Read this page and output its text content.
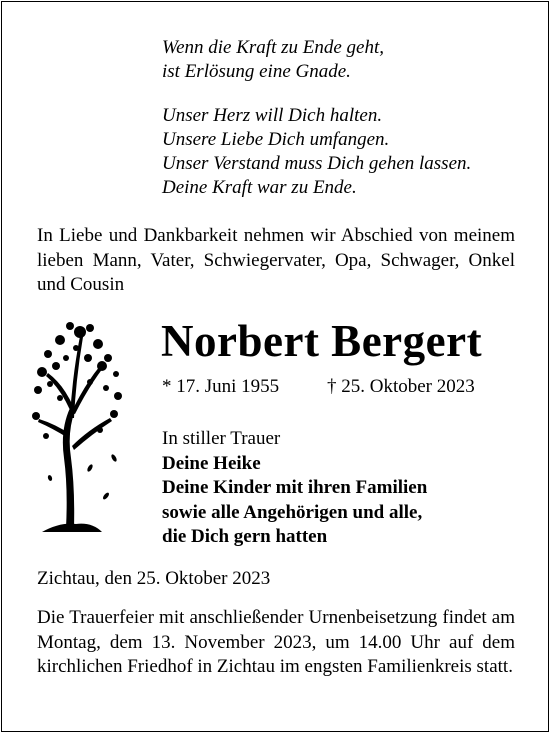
Wenn die Kraft zu Ende geht,

ist Erlösung eine Gnade.

Unser Herz will Dich halten.

Unsere Liebe Dich umfangen.

Unser Verstand muss Dich gehen lassen.

Deine Kraft war zu Ende.

In Liebe und Dankbarkeit nehmen wir Abschied von meinem lieben Mann, Vater, Schwiegervater, Opa, Schwager, Onkel und Cousin
Norbert Bergert
* 17. Juni 1955	† 25. Oktober 2023

In stiller Trauer

Deine Heike

Deine Kinder mit ihren Familien

sowie alle Angehörigen und alle,

die Dich gern hatten

Zichtau, den 25. Oktober 2023
Die Trauerfeier mit anschließender Urnenbeisetzung findet am Montag, dem 13. November 2023, um 14.00 Uhr auf dem kirchlichen Friedhof in Zichtau im engsten Familienkreis statt.
